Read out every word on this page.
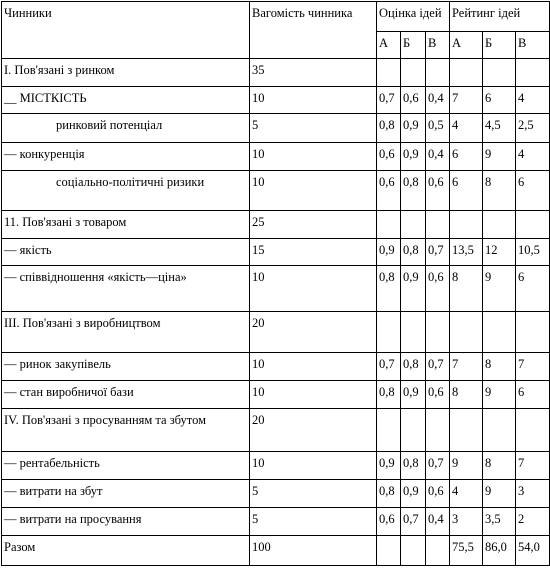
Чинники	Вагомість чинника	Оцінка ідей			Рейтинг ідей		
		А	Б	В	А	Б	В
І. Пов'язані з ринком	35						
__ МІСТКІСТЬ	10	0,7	0,6	0,4	7	6	4
ринковий потенціал	5	0,8	0,9	0,5	4	4,5	2,5
— конкуренція	10	0,6	0,9	0,4	6	9	4
соціально-політичні ризики	10	0,6	0,8	0,6	6	8	6
11. Пов'язані з товаром	25						
— якість	15	0,9	0,8	0,7	13,5	12	10,5
— співвідношення «якість—ціна»	10	0,8	0,9	0,6	8	9	6
III. Пов'язані з виробництвом	20						
— ринок закупівель	10	0,7	0,8	0,7	7	8	7
— стан виробничої бази	10	0,8	0,9	0,6	8	9	6
IV. Пов'язані з просуванням та збутом	20						
— рентабельність	10	0,9	0,8	0,7	9	8	7
— витрати на збут	5	0,8	0,9	0,6	4	9	3
— витрати на просування	5	0,6	0,7	0,4	3	3,5	2
Разом	100				75,5	86,0	54,0
